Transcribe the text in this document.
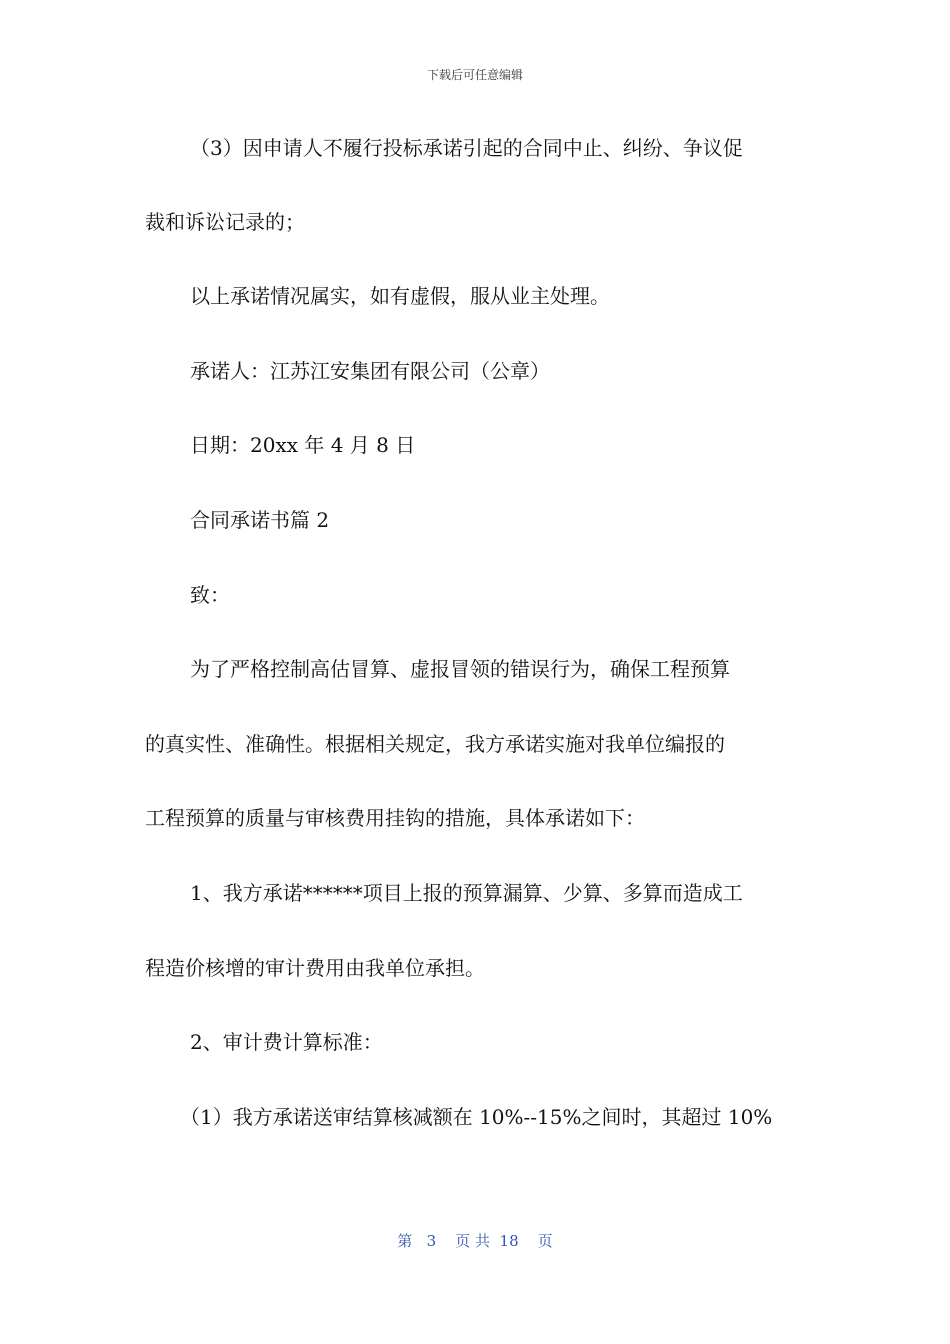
下载后可任意编辑
（3）因申请人不履行投标承诺引起的合同中止、纠纷、争议促
裁和诉讼记录的；
以上承诺情况属实，如有虚假，服从业主处理。
承诺人：江苏江安集团有限公司（公章）
日期：20xx 年 4 月 8 日
合同承诺书篇 2
致：
为了严格控制高估冒算、虚报冒领的错误行为，确保工程预算
的真实性、准确性。根据相关规定，我方承诺实施对我单位编报的
工程预算的质量与审核费用挂钩的措施，具体承诺如下：
1、我方承诺******项目上报的预算漏算、少算、多算而造成工
程造价核增的审计费用由我单位承担。
2、审计费计算标准：
（1）我方承诺送审结算核减额在 10%--15%之间时，其超过 10%
第   3    页 共  18    页
